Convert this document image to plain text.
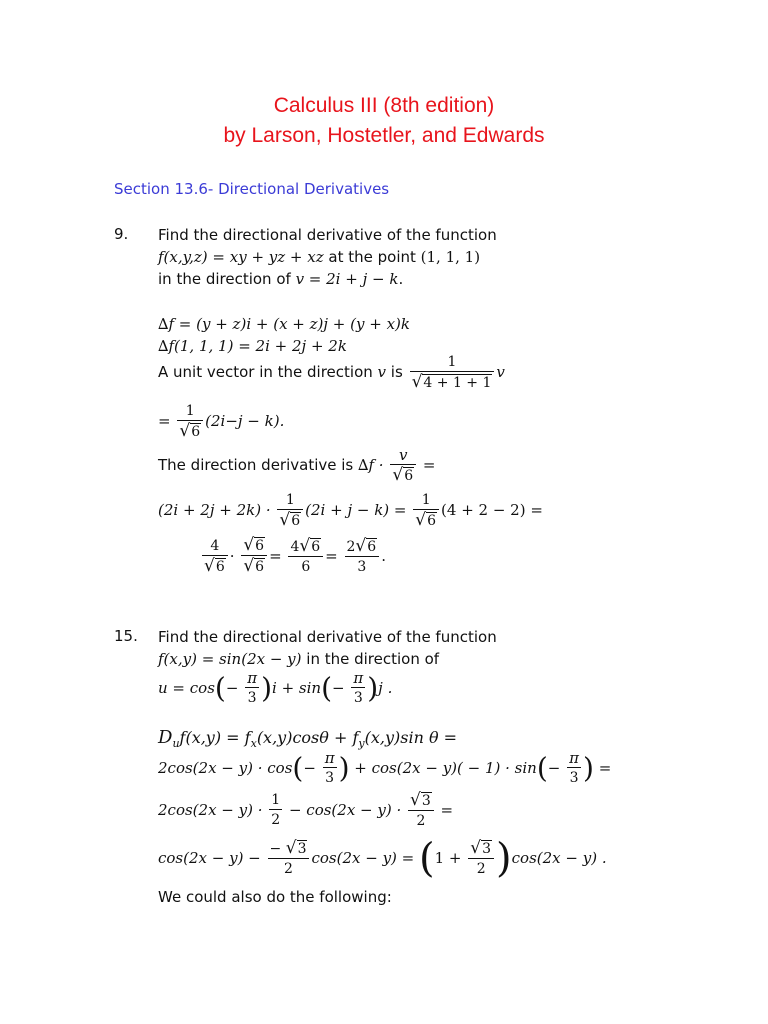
Calculus III (8th edition)
by Larson, Hostetler, and Edwards
Section 13.6- Directional Derivatives
9. Find the directional derivative of the function
f(x,y,z) = xy + yz + xz at the point (1, 1, 1)
in the direction of v = 2i + j − k.
∆f = (y + z)i + (x + z)j + (y + x)k
∆f(1, 1, 1) = 2i + 2j + 2k
A unit vector in the direction v is $\frac{1}{√4 + 1 + 1}$ v
= $\frac{1}{√6} (2i-j - k)$.
The direction derivative is $\Delta f \cdot \frac{v}{√6}$ =
$(2i + 2j + 2k) \cdot \frac{1}{√6} (2i + j - k) = \frac{1}{√6} (4 + 2 - 2)$ =
$\frac{4}{√6} \cdot \frac{√6}{√6} = \frac{4√6}{6} = \frac{2√6}{3}$ .
15. Find the directional derivative of the function
f(x,y) = sin(2x − y) in the direction of
$u = \cos(- \frac{\pi}{3} )i + \sin(- \frac{\pi}{3} )j$ .
$D_uf(x,y) = f_x(x,y)\cos\theta + f_y(x,y)\sin$ θ =
$2\cos(2x - y) \cdot \cos(- \frac{\pi}{3}$ ) + $\cos(2x - y)( - 1) \cdot \sin(- \frac{\pi}{3}$ ) =
$2\cos(2x - y) \cdot \frac{1}{2} - \cos(2x - y) \cdot \frac{√3}{2}$ =
$\cos(2x - y) - \frac{- √3}{2} \cos(2x - y) = (1 + \frac{√3}{2} )\cos(2x - y)$ .
We could also do the following:
